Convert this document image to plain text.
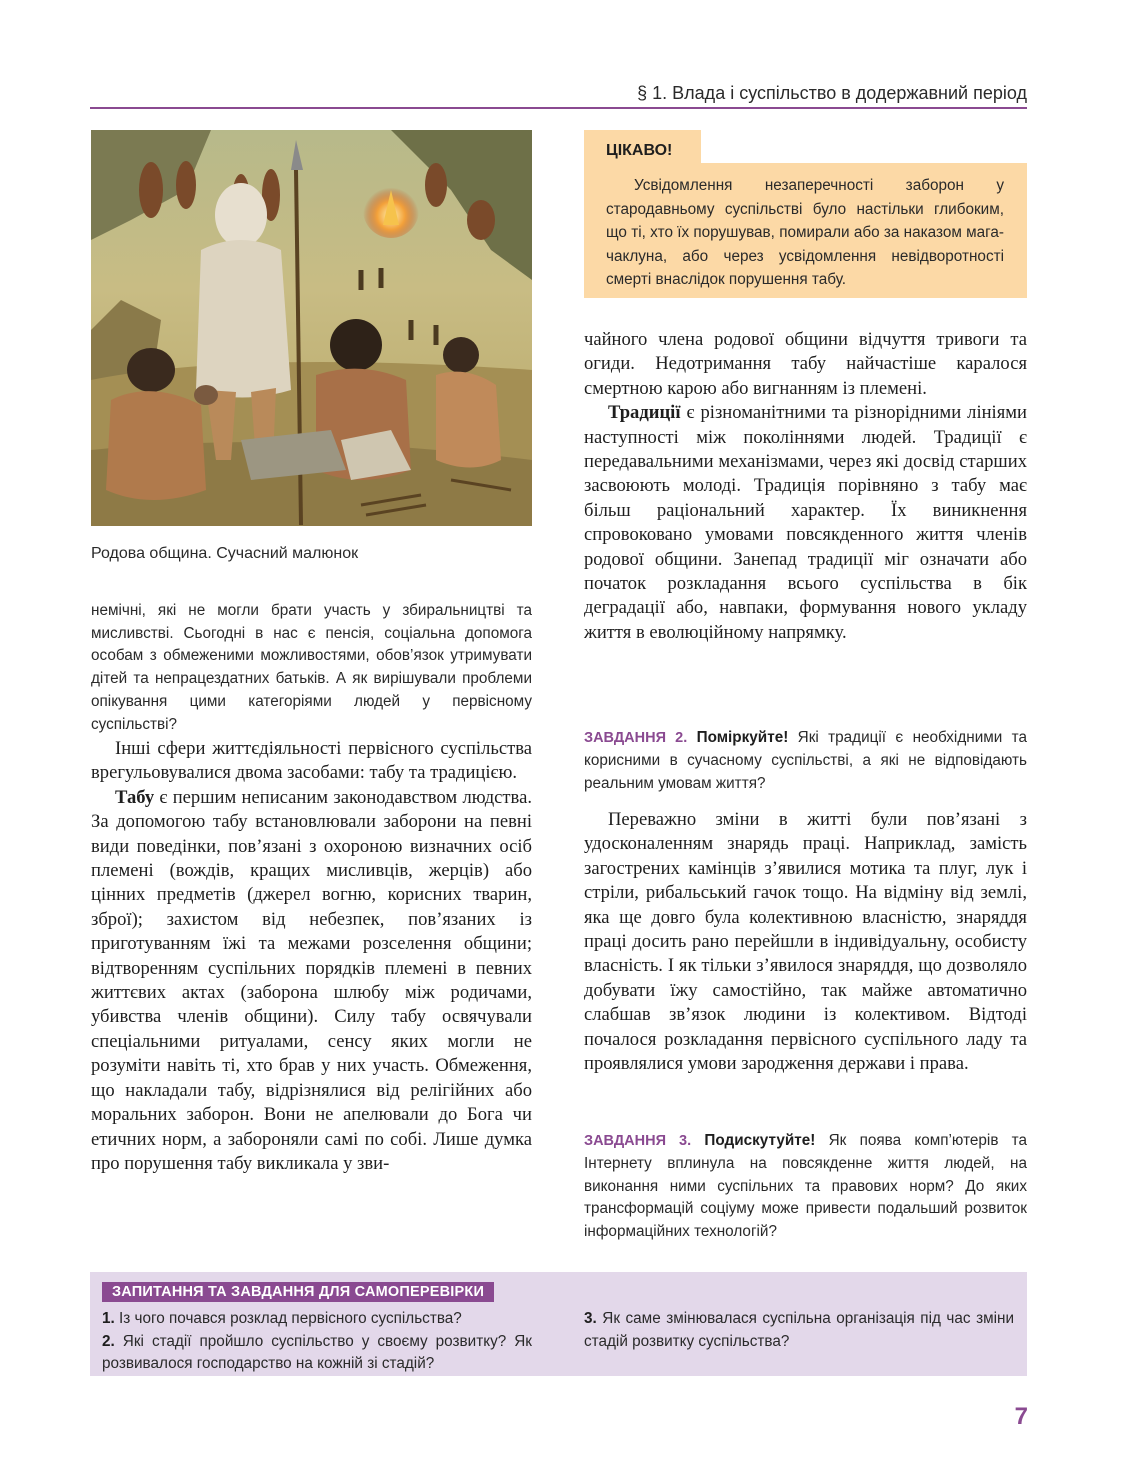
§ 1. Влада і суспільство в додержавний період
Родова община. Сучасний малюнок
немічні, які не могли брати участь у збиральництві та мисливстві. Сьогодні в нас є пенсія, соціальна допомога особам з обмеженими можливостями, обов’язок утримувати дітей та непрацездатних батьків. А як вирішували проблеми опікування цими категоріями людей у первісному суспільстві?

Інші сфери життєдіяльності первісного суспільства врегульовувалися двома засобами: табу та традицією.

Табу є першим неписаним законодавством людства. За допомогою табу встановлювали заборони на певні види поведінки, пов’язані з охороною визначних осіб племені (вождів, кращих мисливців, жерців) або цінних предметів (джерел вогню, корисних тварин, зброї); захистом від небезпек, пов’язаних із приготуванням їжі та межами розселення общини; відтворенням суспільних порядків племені в певних життєвих актах (заборона шлюбу між родичами, убивства членів общини). Силу табу освячували спеціальними ритуалами, сенсу яких могли не розуміти навіть ті, хто брав у них участь. Обмеження, що накладали табу, відрізнялися від релігійних або моральних заборон. Вони не апелювали до Бога чи етичних норм, а забороняли самі по собі. Лише думка про порушення табу викликала у зви-

ЦІКАВО!
Усвідомлення незаперечності заборон у стародавньому суспільстві було настільки глибоким, що ті, хто їх порушував, помирали або за наказом мага-чаклуна, або через усвідомлення невідворотності смерті внаслідок порушення табу.

чайного члена родової общини відчуття тривоги та огиди. Недотримання табу найчастіше каралося смертною карою або вигнанням із племені.

Традиції є різноманітними та різнорідними лініями наступності між поколіннями людей. Традиції є передавальними механізмами, через які досвід старших засвоюють молоді. Традиція порівняно з табу має більш раціональний характер. Їх виникнення спровоковано умовами повсякденного життя членів родової общини. Занепад традиції міг означати або початок розкладання всього суспільства в бік деградації або, навпаки, формування нового укладу життя в еволюційному напрямку.

ЗАВДАННЯ 2. Поміркуйте! Які традиції є необхідними та корисними в сучасному суспільстві, а які не відповідають реальним умовам життя?

Переважно зміни в житті були пов’язані з удосконаленням знарядь праці. Наприклад, замість загострених камінців з’явилися мотика та плуг, лук і стріли, рибальський гачок тощо. На відміну від землі, яка ще довго була колективною власністю, знаряддя праці досить рано перейшли в індивідуальну, особисту власність. І як тільки з’явилося знаряддя, що дозволяло добувати їжу самостійно, так майже автоматично слабшав зв’язок людини із колективом. Відтоді почалося розкладання первісного суспільного ладу та проявлялися умови зародження держави і права.

ЗАВДАННЯ 3. Подискутуйте! Як поява комп’ютерів та Інтернету вплинула на повсякденне життя людей, на виконання ними суспільних та правових норм? До яких трансформацій соціуму може привести подальший розвиток інформаційних технологій?
ЗАПИТАННЯ ТА ЗАВДАННЯ ДЛЯ САМОПЕРЕВІРКИ
1. Із чого почався розклад первісного суспільства?
2. Які стадії пройшло суспільство у своєму розвитку? Як розвивалося господарство на кожній зі стадій?
3. Як саме змінювалася суспільна організація під час зміни стадій розвитку суспільства?
7
